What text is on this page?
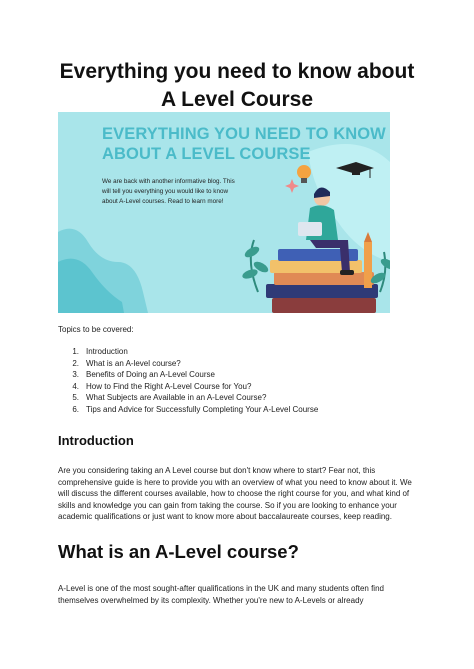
Everything you need to know about
A Level Course
EVERYTHING YOU NEED TO KNOW
ABOUT A LEVEL COURSE
We are back with another informative blog. This
will tell you everything you would like to know
about A-Level courses. Read to learn more!
Topics to be covered:
1. Introduction
2. What is an A-level course?
3. Benefits of Doing an A-Level Course
4. How to Find the Right A-Level Course for You?
5. What Subjects are Available in an A-Level Course?
6. Tips and Advice for Successfully Completing Your A-Level Course
Introduction
Are you considering taking an A Level course but don't know where to start? Fear not, this comprehensive guide is here to provide you with an overview of what you need to know about it. We will discuss the different courses available, how to choose the right course for you, and what kind of skills and knowledge you can gain from taking the course. So if you are looking to enhance your academic qualifications or just want to know more about baccalaureate courses, keep reading.
What is an A-Level course?
A-Level is one of the most sought-after qualifications in the UK and many students often find themselves overwhelmed by its complexity. Whether you're new to A-Levels or already
